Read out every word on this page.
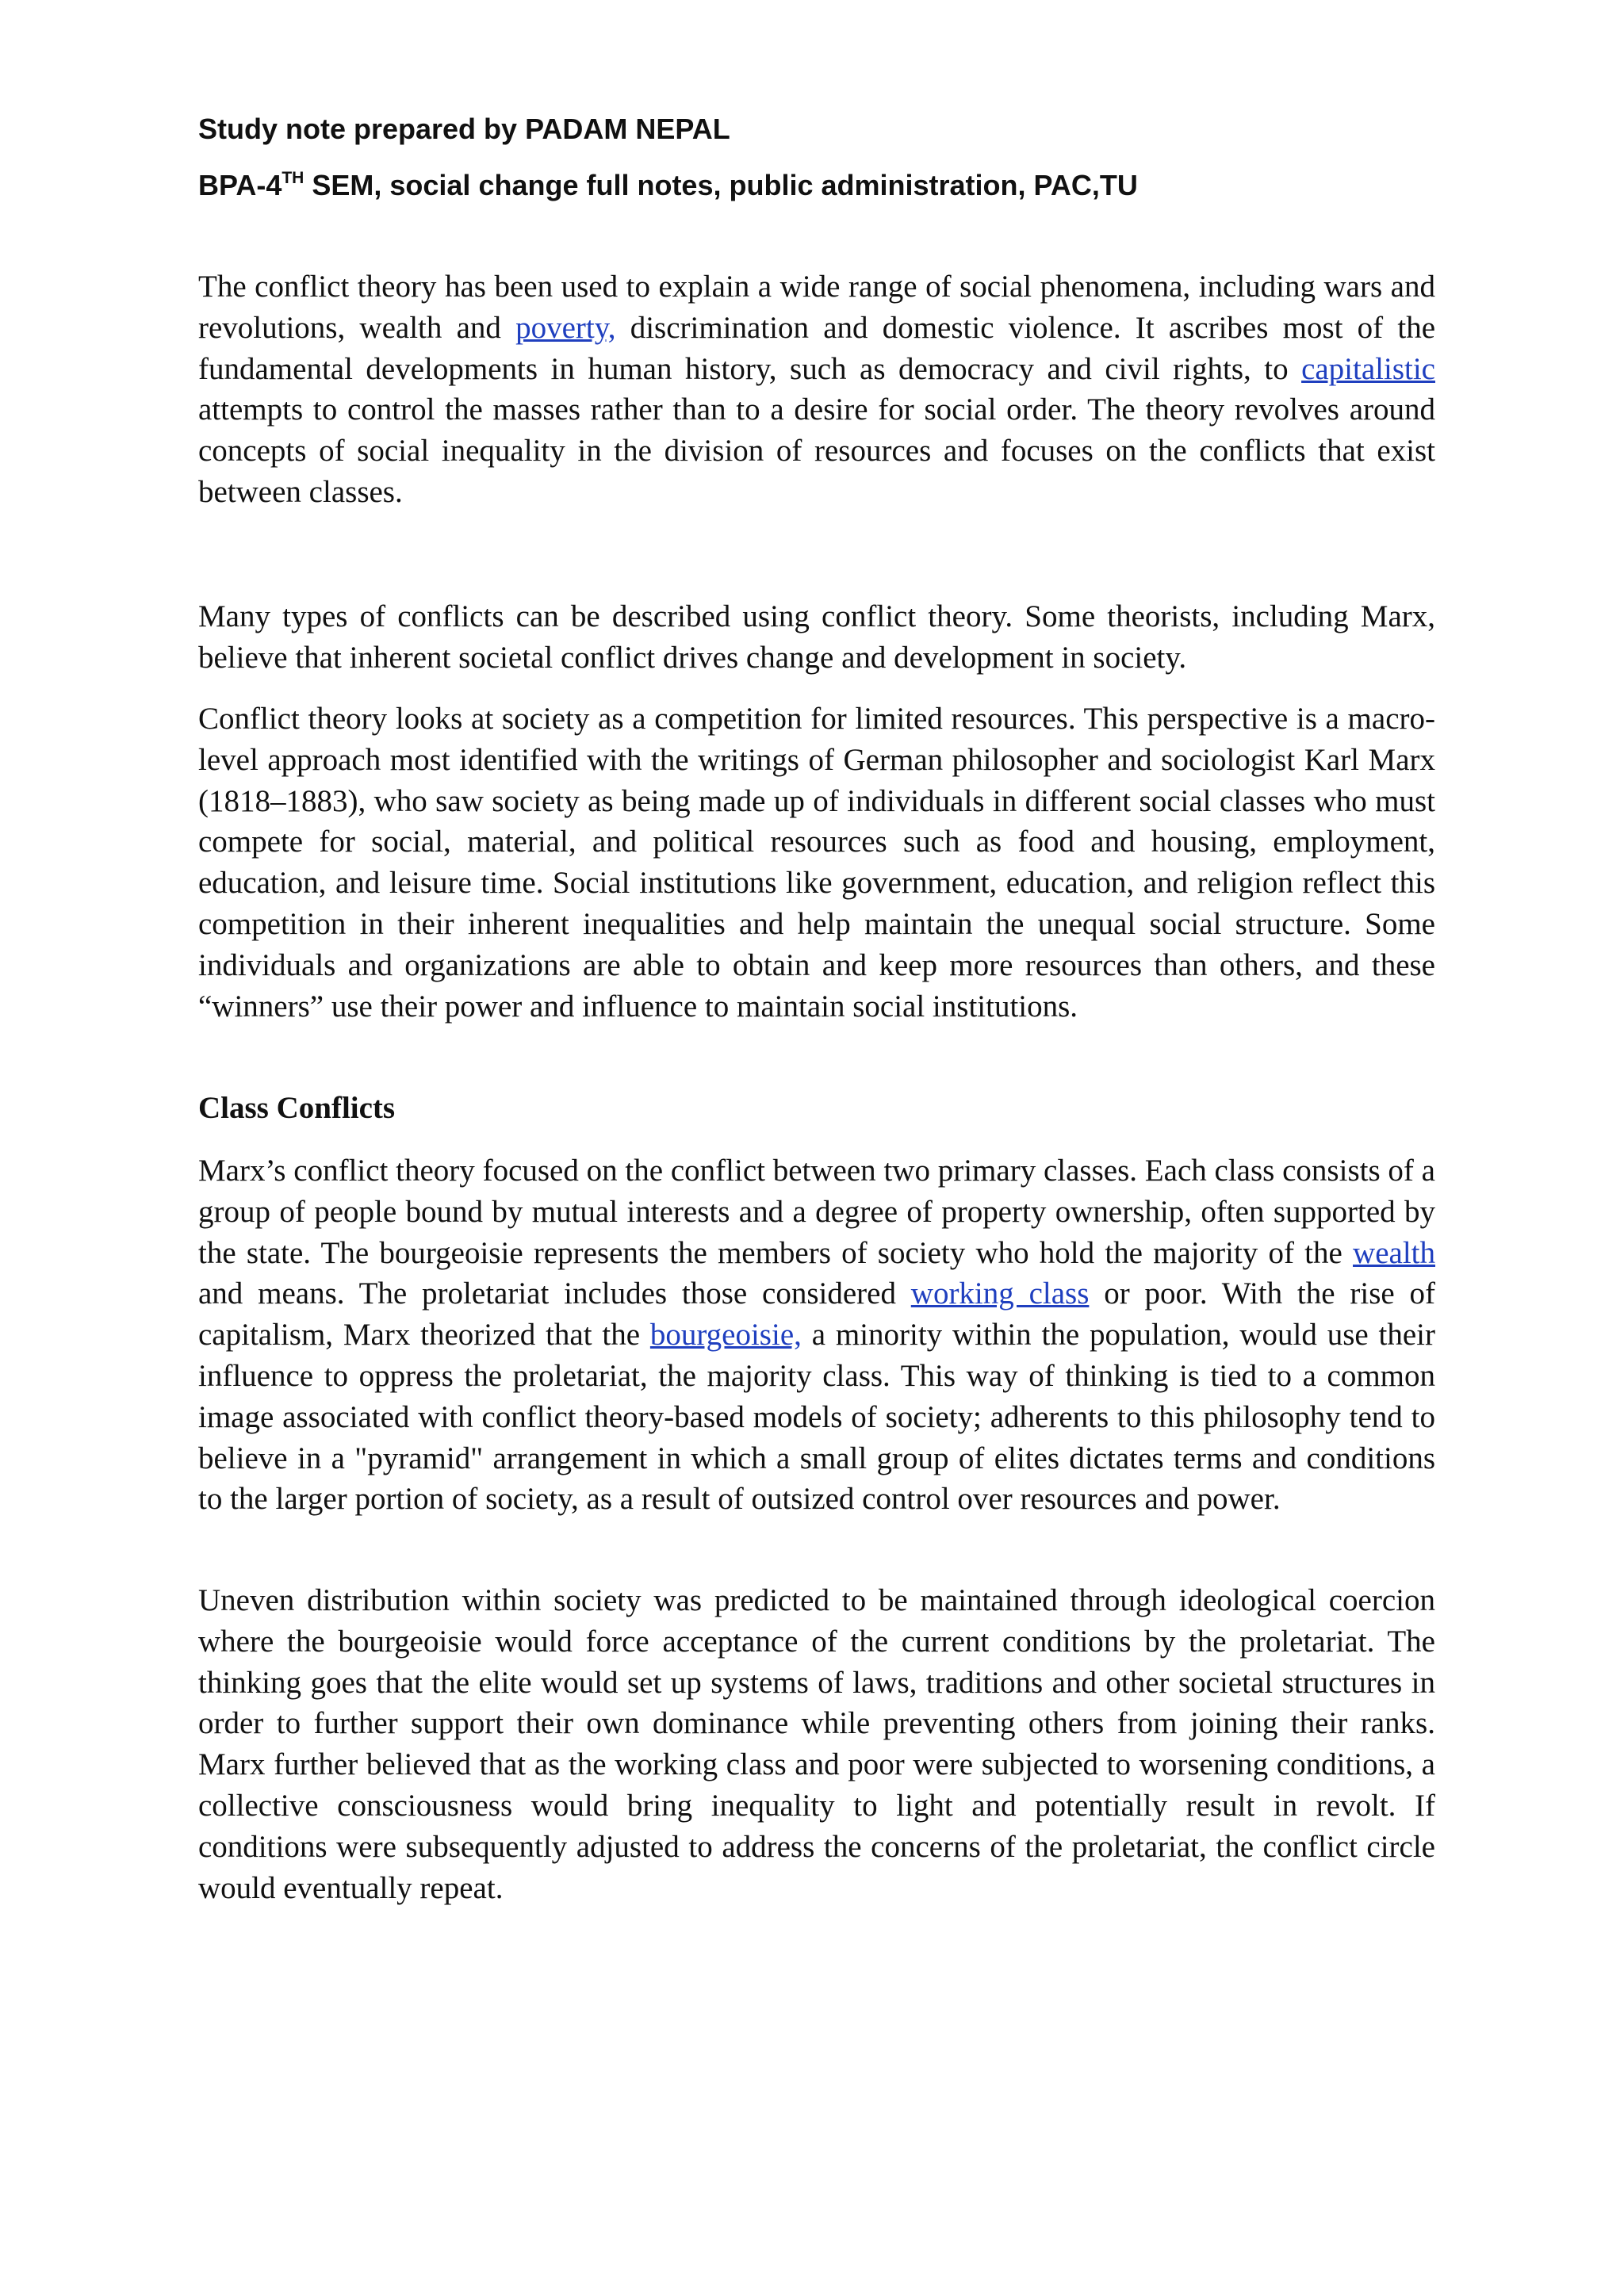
Study note prepared by PADAM NEPAL
BPA-4TH SEM, social change full notes, public administration, PAC,TU
The conflict theory has been used to explain a wide range of social phenomena, including wars and revolutions, wealth and poverty, discrimination and domestic violence. It ascribes most of the fundamental developments in human history, such as democracy and civil rights, to capitalistic attempts to control the masses rather than to a desire for social order. The theory revolves around concepts of social inequality in the division of resources and focuses on the conflicts that exist between classes.
Many types of conflicts can be described using conflict theory. Some theorists, including Marx, believe that inherent societal conflict drives change and development in society.
Conflict theory looks at society as a competition for limited resources. This perspective is a macro-level approach most identified with the writings of German philosopher and sociologist Karl Marx (1818–1883), who saw society as being made up of individuals in different social classes who must compete for social, material, and political resources such as food and housing, employment, education, and leisure time. Social institutions like government, education, and religion reflect this competition in their inherent inequalities and help maintain the unequal social structure. Some individuals and organizations are able to obtain and keep more resources than others, and these “winners” use their power and influence to maintain social institutions.
Class Conflicts
Marx’s conflict theory focused on the conflict between two primary classes. Each class consists of a group of people bound by mutual interests and a degree of property ownership, often supported by the state. The bourgeoisie represents the members of society who hold the majority of the wealth and means. The proletariat includes those considered working class or poor. With the rise of capitalism, Marx theorized that the bourgeoisie, a minority within the population, would use their influence to oppress the proletariat, the majority class. This way of thinking is tied to a common image associated with conflict theory-based models of society; adherents to this philosophy tend to believe in a "pyramid" arrangement in which a small group of elites dictates terms and conditions to the larger portion of society, as a result of outsized control over resources and power.
Uneven distribution within society was predicted to be maintained through ideological coercion where the bourgeoisie would force acceptance of the current conditions by the proletariat. The thinking goes that the elite would set up systems of laws, traditions and other societal structures in order to further support their own dominance while preventing others from joining their ranks. Marx further believed that as the working class and poor were subjected to worsening conditions, a collective consciousness would bring inequality to light and potentially result in revolt. If conditions were subsequently adjusted to address the concerns of the proletariat, the conflict circle would eventually repeat.
